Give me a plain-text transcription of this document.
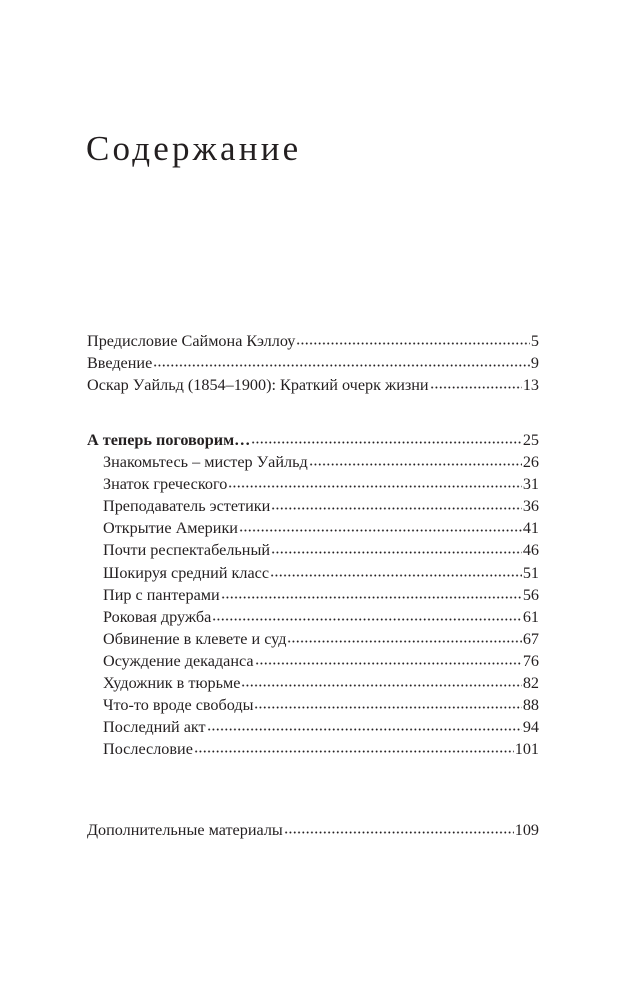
Содержание
Предисловие Саймона Кэллоу	5
Введение	9
Оскар Уайльд (1854–1900): Краткий очерк жизни	13
А теперь поговорим…	25
Знакомьтесь – мистер Уайльд	26
Знаток греческого	31
Преподаватель эстетики	36
Открытие Америки	41
Почти респектабельный	46
Шокируя средний класс	51
Пир с пантерами	56
Роковая дружба	61
Обвинение в клевете и суд	67
Осуждение декаданса	76
Художник в тюрьме	82
Что-то вроде свободы	88
Последний акт	94
Послесловие	101
Дополнительные материалы	109
